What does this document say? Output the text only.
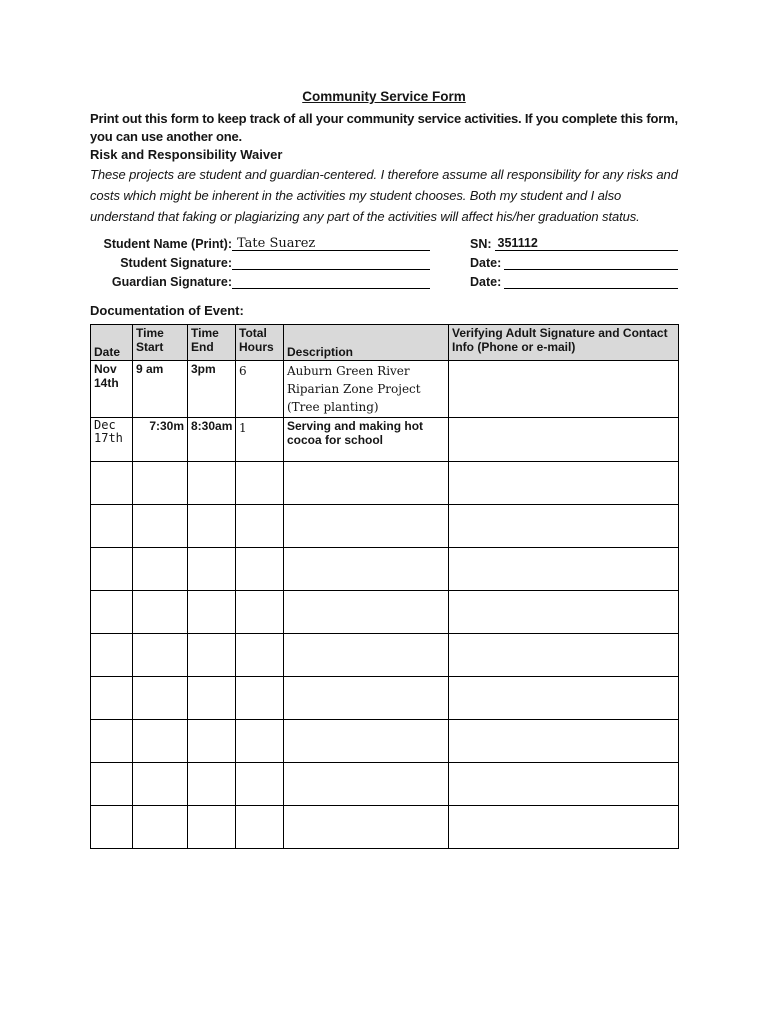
Community Service Form

Print out this form to keep track of all your community service activities. If you complete this form, you can use another one.

Risk and Responsibility Waiver

These projects are student and guardian-centered. I therefore assume all responsibility for any risks and costs which might be inherent in the activities my student chooses. Both my student and I also understand that faking or plagiarizing any part of the activities will affect his/her graduation status.

Student Name (Print): Tate Suarez	SN: 351112
Student Signature:	Date:
Guardian Signature:	Date:

Documentation of Event:

Date	Time Start	Time End	Total Hours	Description	Verifying Adult Signature and Contact Info (Phone or e-mail)
Nov 14th	9 am	3pm	6	Auburn Green River Riparian Zone Project (Tree planting)	
Dec 17th	7:30m	8:30am	1	Serving and making hot cocoa for school	
